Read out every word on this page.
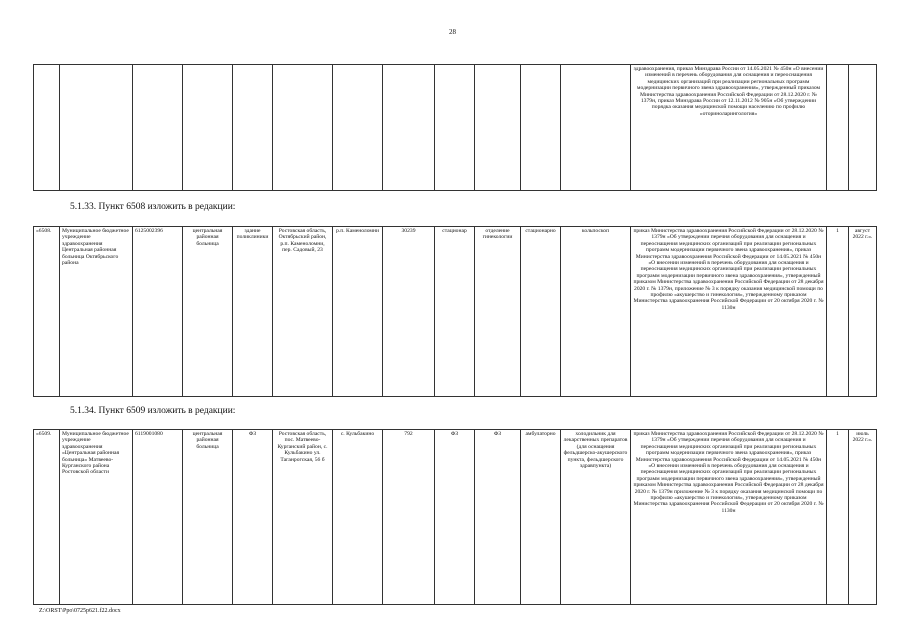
28
												здравоохранения, приказ Минздрава России от 14.05.2021 № 450н «О внесении изменений в перечень оборудования для оснащения и переоснащения медицинских организаций при реализации региональных программ модернизации первичного звена здравоохранения», утвержденный приказом Министерства здравоохранения Российской Федерации от 28.12.2020 г. № 1379н, приказ Минздрава России от 12.11.2012 № 905н «Об утверждении порядка оказания медицинской помощи населению по профилю «оториноларингология»		
5.1.33. Пункт 6508 изложить в редакции:
«6508.	Муниципальное бюджетное учреждение здравоохранения Центральная районная больница Октябрьского района	6125002396	центральная районная больница	здание поликлиники	Ростовская область, Октябрьский район, р.п. Каменоломни, пер. Садовый, 23	р.п. Каменоломни	30239	стационар	отделение гинекологии	стационарно	кольпоскоп	приказ Министерства здравоохранения Российской Федерации от 28.12.2020 № 1379н «Об утверждении перечня оборудования для оснащения и переоснащения медицинских организаций при реализации региональных программ модернизации первичного звена здравоохранения», приказ Министерства здравоохранения Российской Федерации от 14.05.2021 № 450н «О внесении изменений в перечень оборудования для оснащения и переоснащения медицинских организаций при реализации региональных программ модернизации первичного звена здравоохранения», утвержденный приказом Министерства здравоохранения Российской Федерации от 28 декабря 2020 г. № 1379н, приложение № 3 к порядку оказания медицинской помощи по профилю «акушерство и гинекология», утвержденному приказом Министерства здравоохранения Российской Федерации от 20 октября 2020 г. № 1130н	1	август 2022 г.».
5.1.34. Пункт 6509 изложить в редакции:
«6509.	Муниципальное бюджетное учреждение здравоохранения «Центральная районная больница» Матвеево-Курганского района Ростовской области	6119001080	центральная районная больница	ФЗ	Ростовская область, пос. Матвеево-Курганский район, с. Кульбакино ул. Таганрогская, 56 б	с. Кульбакино	792	ФЗ	ФЗ	амбулаторно	холодильник для лекарственных препаратов (для оснащения фельдшерско-акушерского пункта, фельдшерского здравпункта)	приказ Министерства здравоохранения Российской Федерации от 28.12.2020 № 1379н «Об утверждении перечня оборудования для оснащения и переоснащения медицинских организаций при реализации региональных программ модернизации первичного звена здравоохранения», приказ Министерства здравоохранения Российской Федерации от 14.05.2021 № 450н «О внесении изменений в перечень оборудования для оснащения и переоснащения медицинских организаций при реализации региональных программ модернизации первичного звена здравоохранения», утвержденный приказом Министерства здравоохранения Российской Федерации от 28 декабря 2020 г. № 1379н приложение № 3 к порядку оказания медицинской помощи по профилю «акушерство и гинекология», утвержденному приказом Министерства здравоохранения Российской Федерации от 20 октября 2020 г. № 1130н	1	июль 2022 г.».
Z:\ORST\Ppo\0725p621.f22.docx
